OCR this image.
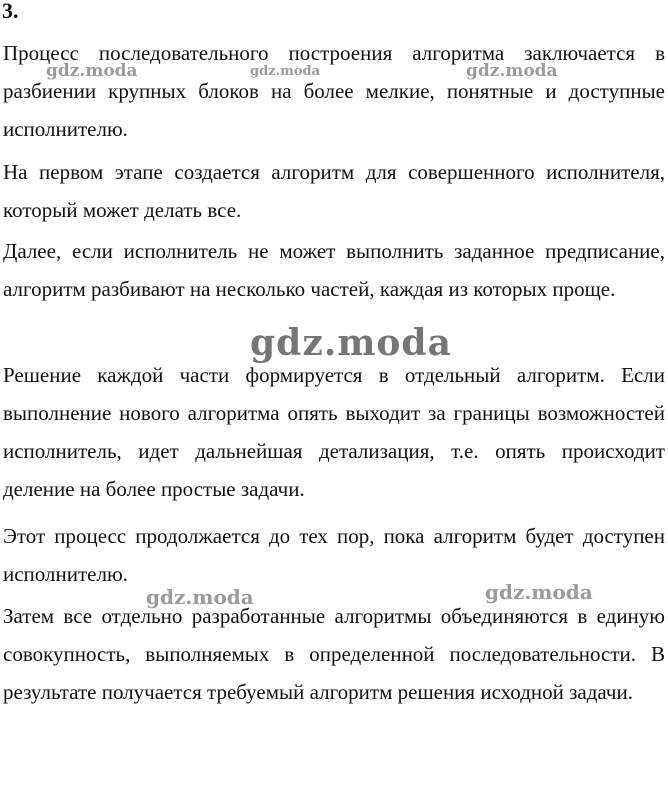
3.

Процесс последовательного построения алгоритма заключается в разбиении крупных блоков на более мелкие, понятные и доступные исполнителю.

На первом этапе создается алгоритм для совершенного исполнителя, который может делать все.

Далее, если исполнитель не может выполнить заданное предписание, алгоритм разбивают на несколько частей, каждая из которых проще.

Решение каждой части формируется в отдельный алгоритм. Если выполнение нового алгоритма опять выходит за границы возможностей исполнитель, идет дальнейшая детализация, т.е. опять происходит деление на более простые задачи.

Этот процесс продолжается до тех пор, пока алгоритм будет доступен исполнителю.

Затем все отдельно разработанные алгоритмы объединяются в единую совокупность, выполняемых в определенной последовательности. В результате получается требуемый алгоритм решения исходной задачи.

gdz.moda	gdz.moda	gdz.moda
gdz.moda
gdz.moda	gdz.moda
